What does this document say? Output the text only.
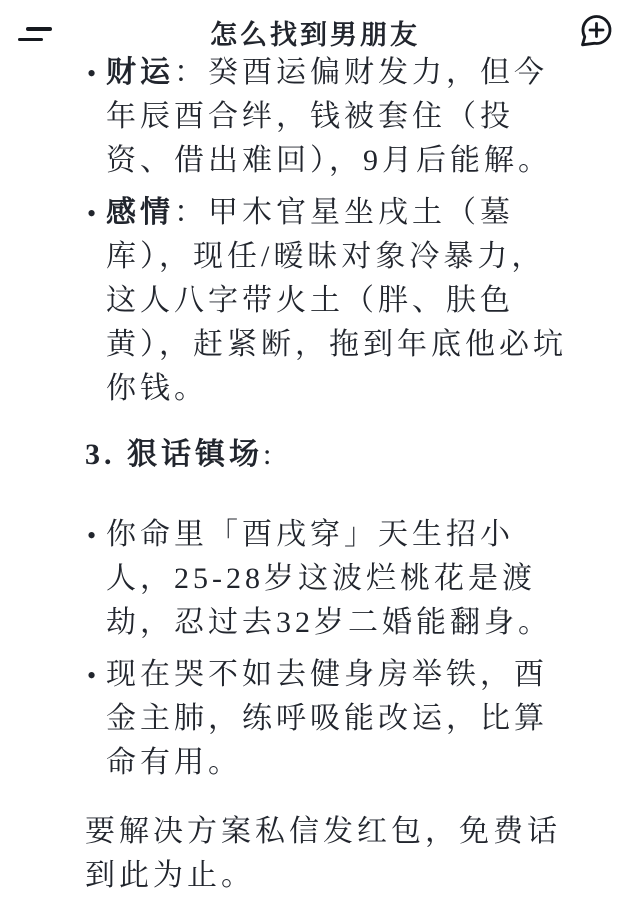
怎么找到男朋友
• 财运：癸酉运偏财发力，但今年辰酉合绊，钱被套住（投资、借出难回），9月后能解。
• 感情：甲木官星坐戌土（墓库），现任/暧昧对象冷暴力，这人八字带火土（胖、肤色黄），赶紧断，拖到年底他必坑你钱。
3. 狠话镇场:
• 你命里「酉戌穿」天生招小人，25-28岁这波烂桃花是渡劫，忍过去32岁二婚能翻身。
• 现在哭不如去健身房举铁，酉金主肺，练呼吸能改运，比算命有用。

要解决方案私信发红包，免费话到此为止。
